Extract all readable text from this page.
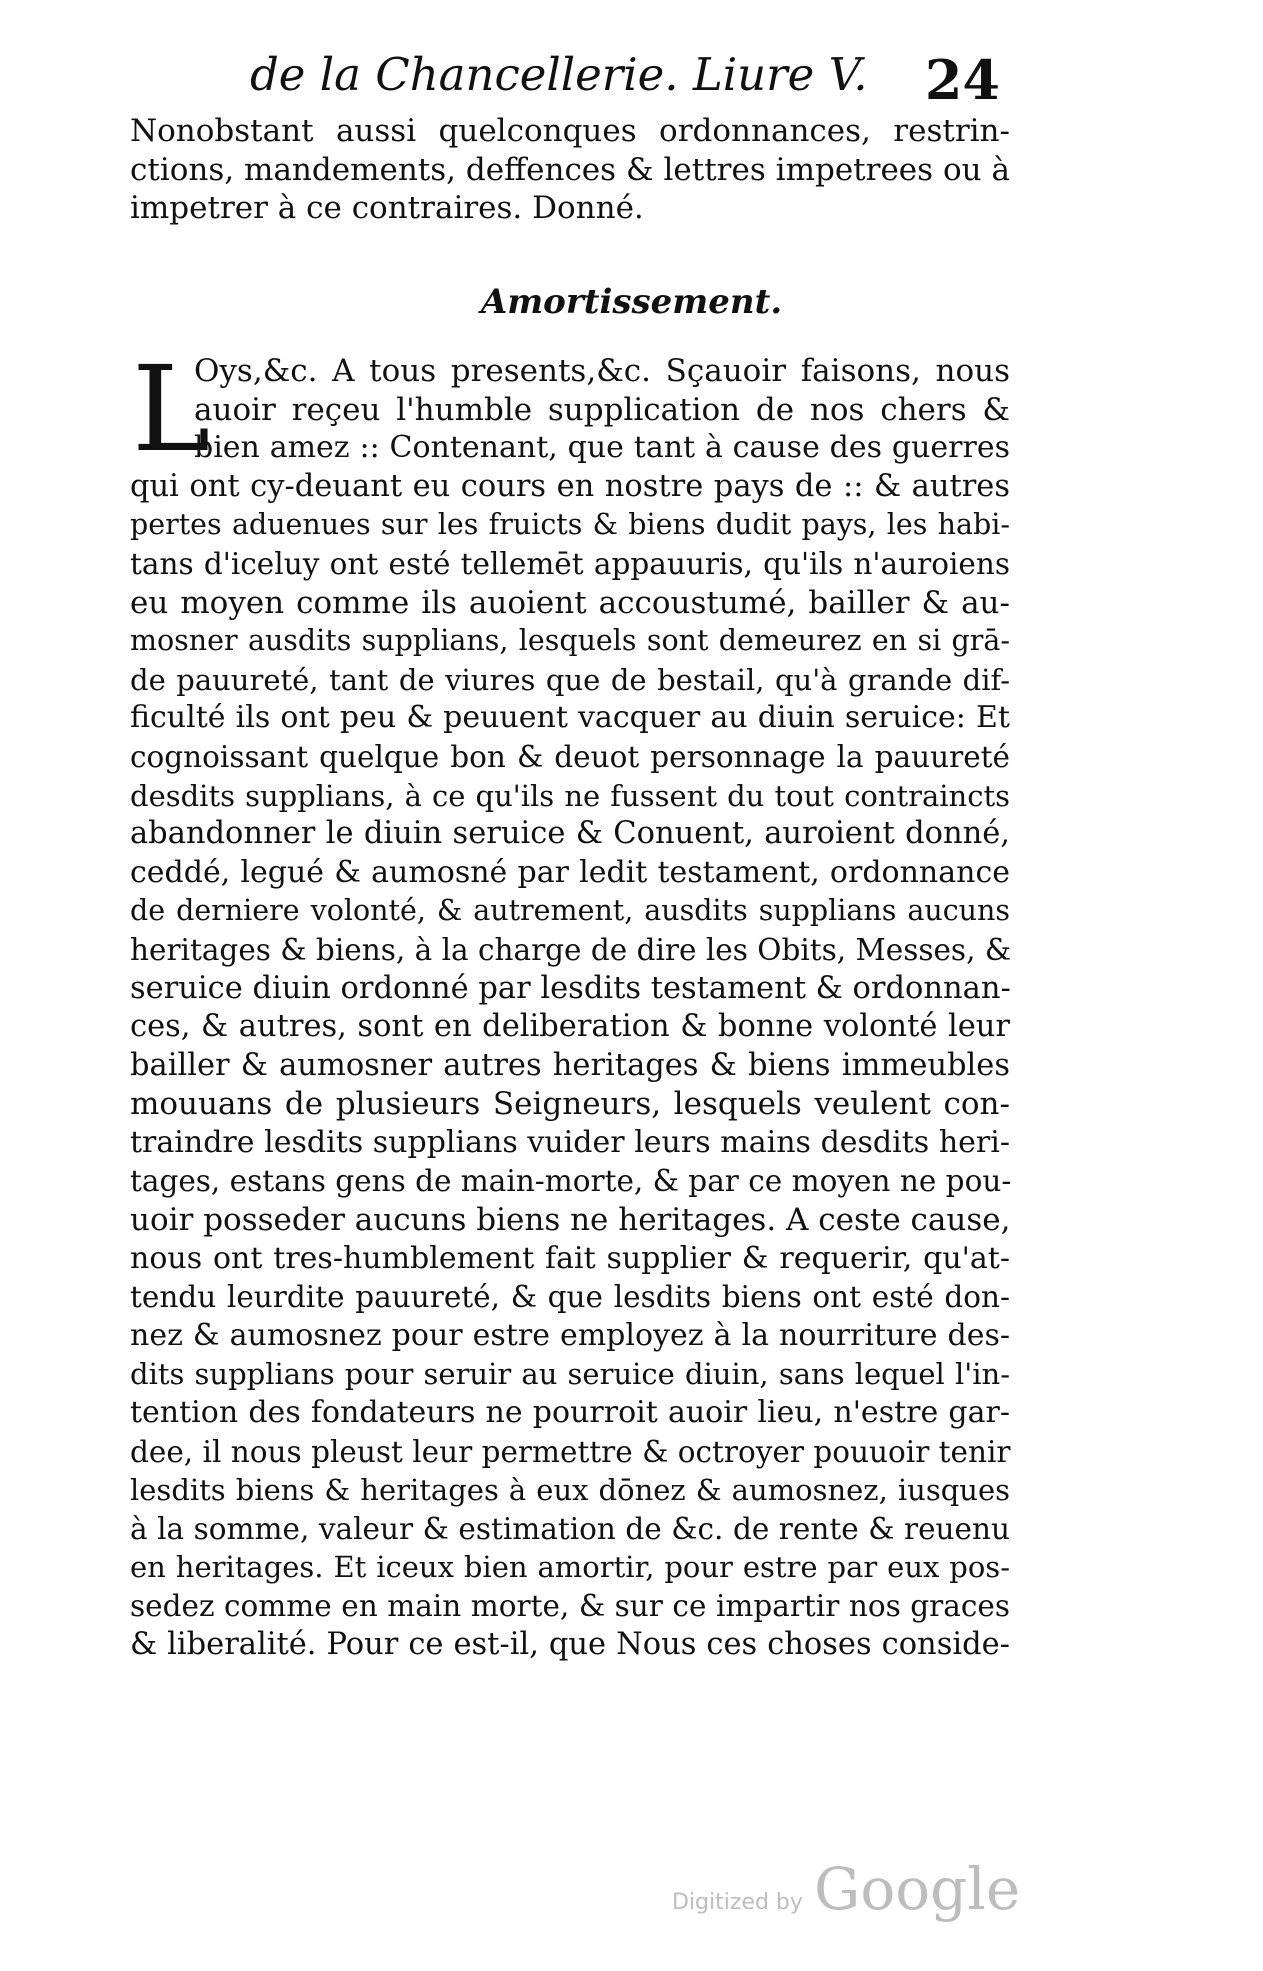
de la Chancellerie. Liure V. 24
Nonobstant aussi quelconques ordonnances, restrin-
ctions, mandements, deffences & lettres impetrees ou à
impetrer à ce contraires. Donné.
Amortissement.
L
Oys,&c. A tous presents,&c. Sçauoir faisons, nous
auoir reçeu l'humble supplication de nos chers &
bien amez :: Contenant, que tant à cause des guerres
qui ont cy-deuant eu cours en nostre pays de :: & autres
pertes aduenues sur les fruicts & biens dudit pays, les habi-
tans d'iceluy ont esté tellemēt appauuris, qu'ils n'auroiens
eu moyen comme ils auoient accoustumé, bailler & au-
mosner ausdits supplians, lesquels sont demeurez en si grā-
de pauureté, tant de viures que de bestail, qu'à grande dif-
ficulté ils ont peu & peuuent vacquer au diuin seruice: Et
cognoissant quelque bon & deuot personnage la pauureté
desdits supplians, à ce qu'ils ne fussent du tout contraincts
abandonner le diuin seruice & Conuent, auroient donné,
ceddé, legué & aumosné par ledit testament, ordonnance
de derniere volonté, & autrement, ausdits supplians aucuns
heritages & biens, à la charge de dire les Obits, Messes, &
seruice diuin ordonné par lesdits testament & ordonnan-
ces, & autres, sont en deliberation & bonne volonté leur
bailler & aumosner autres heritages & biens immeubles
mouuans de plusieurs Seigneurs, lesquels veulent con-
traindre lesdits supplians vuider leurs mains desdits heri-
tages, estans gens de main-morte, & par ce moyen ne pou-
uoir posseder aucuns biens ne heritages. A ceste cause,
nous ont tres-humblement fait supplier & requerir, qu'at-
tendu leurdite pauureté, & que lesdits biens ont esté don-
nez & aumosnez pour estre employez à la nourriture des-
dits supplians pour seruir au seruice diuin, sans lequel l'in-
tention des fondateurs ne pourroit auoir lieu, n'estre gar-
dee, il nous pleust leur permettre & octroyer pouuoir tenir
lesdits biens & heritages à eux dōnez & aumosnez, iusques
à la somme, valeur & estimation de &c. de rente & reuenu
en heritages. Et iceux bien amortir, pour estre par eux pos-
sedez comme en main morte, & sur ce impartir nos graces
& liberalité. Pour ce est-il, que Nous ces choses conside-
Digitized by Google
